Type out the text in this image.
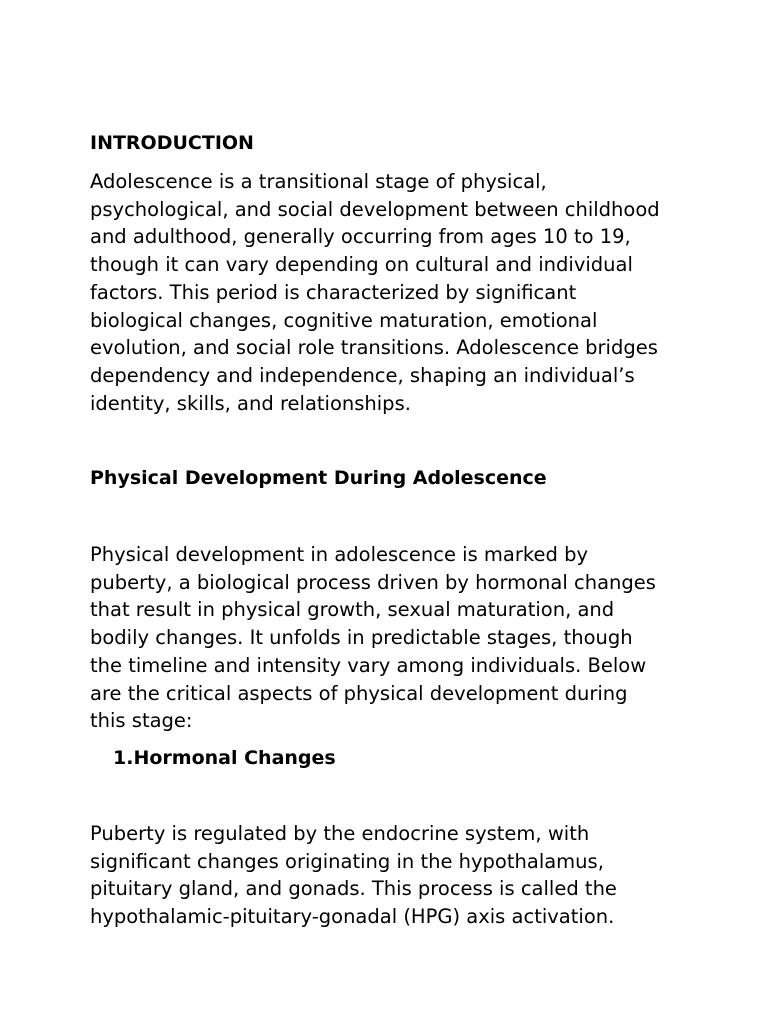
INTRODUCTION

Adolescence is a transitional stage of physical,
psychological, and social development between childhood
and adulthood, generally occurring from ages 10 to 19,
though it can vary depending on cultural and individual
factors. This period is characterized by significant
biological changes, cognitive maturation, emotional
evolution, and social role transitions. Adolescence bridges
dependency and independence, shaping an individual’s
identity, skills, and relationships.

Physical Development During Adolescence

Physical development in adolescence is marked by
puberty, a biological process driven by hormonal changes
that result in physical growth, sexual maturation, and
bodily changes. It unfolds in predictable stages, though
the timeline and intensity vary among individuals. Below
are the critical aspects of physical development during
this stage:

1.Hormonal Changes

Puberty is regulated by the endocrine system, with
significant changes originating in the hypothalamus,
pituitary gland, and gonads. This process is called the
hypothalamic-pituitary-gonadal (HPG) axis activation.
